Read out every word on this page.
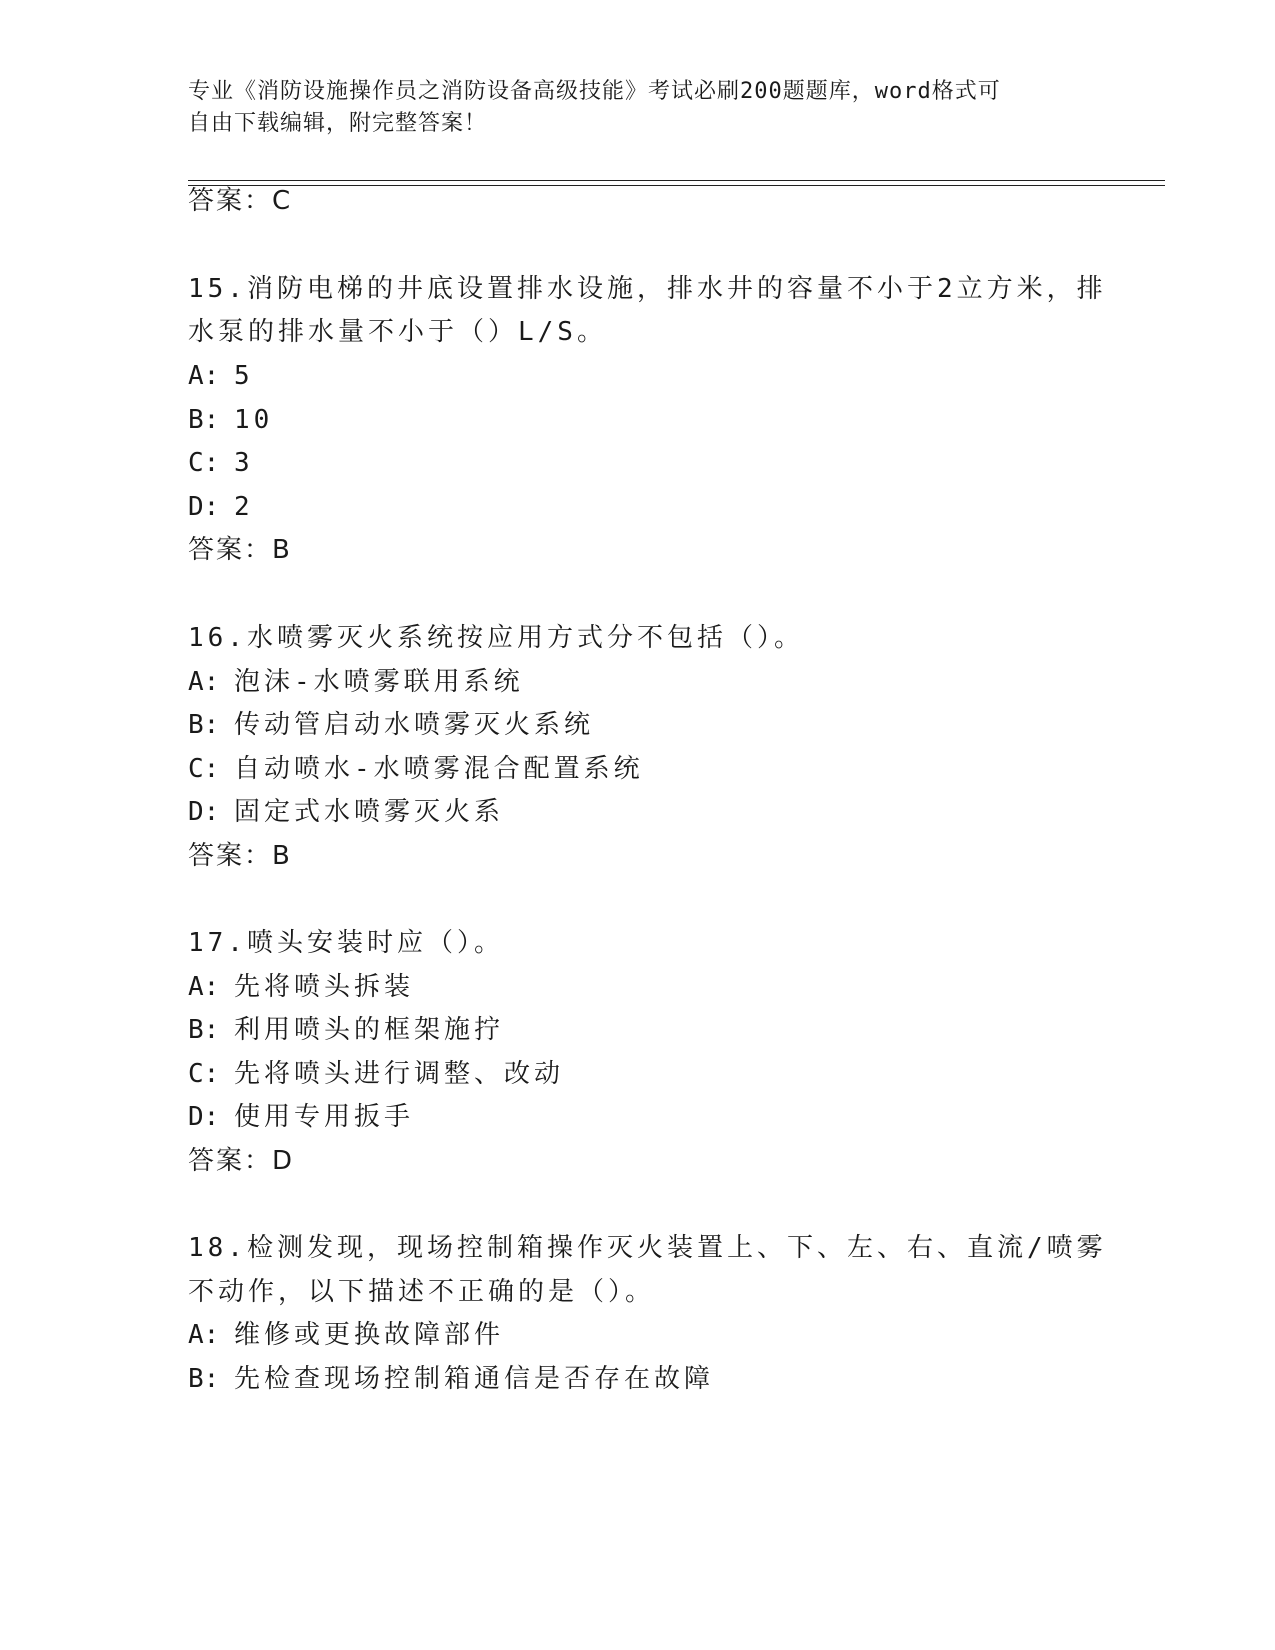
专业《消防设施操作员之消防设备高级技能》考试必刷200题题库，word格式可
自由下载编辑，附完整答案！
答案：C
15.消防电梯的井底设置排水设施，排水井的容量不小于2立方米，排
水泵的排水量不小于（）L/S。
A: 5
B: 10
C: 3
D: 2
答案：B
16.水喷雾灭火系统按应用方式分不包括（）。
A: 泡沫-水喷雾联用系统
B: 传动管启动水喷雾灭火系统
C: 自动喷水-水喷雾混合配置系统
D: 固定式水喷雾灭火系
答案：B
17.喷头安装时应（）。
A: 先将喷头拆装
B: 利用喷头的框架施拧
C: 先将喷头进行调整、改动
D: 使用专用扳手
答案：D
18.检测发现，现场控制箱操作灭火装置上、下、左、右、直流/喷雾
不动作，以下描述不正确的是（）。
A: 维修或更换故障部件
B: 先检查现场控制箱通信是否存在故障
